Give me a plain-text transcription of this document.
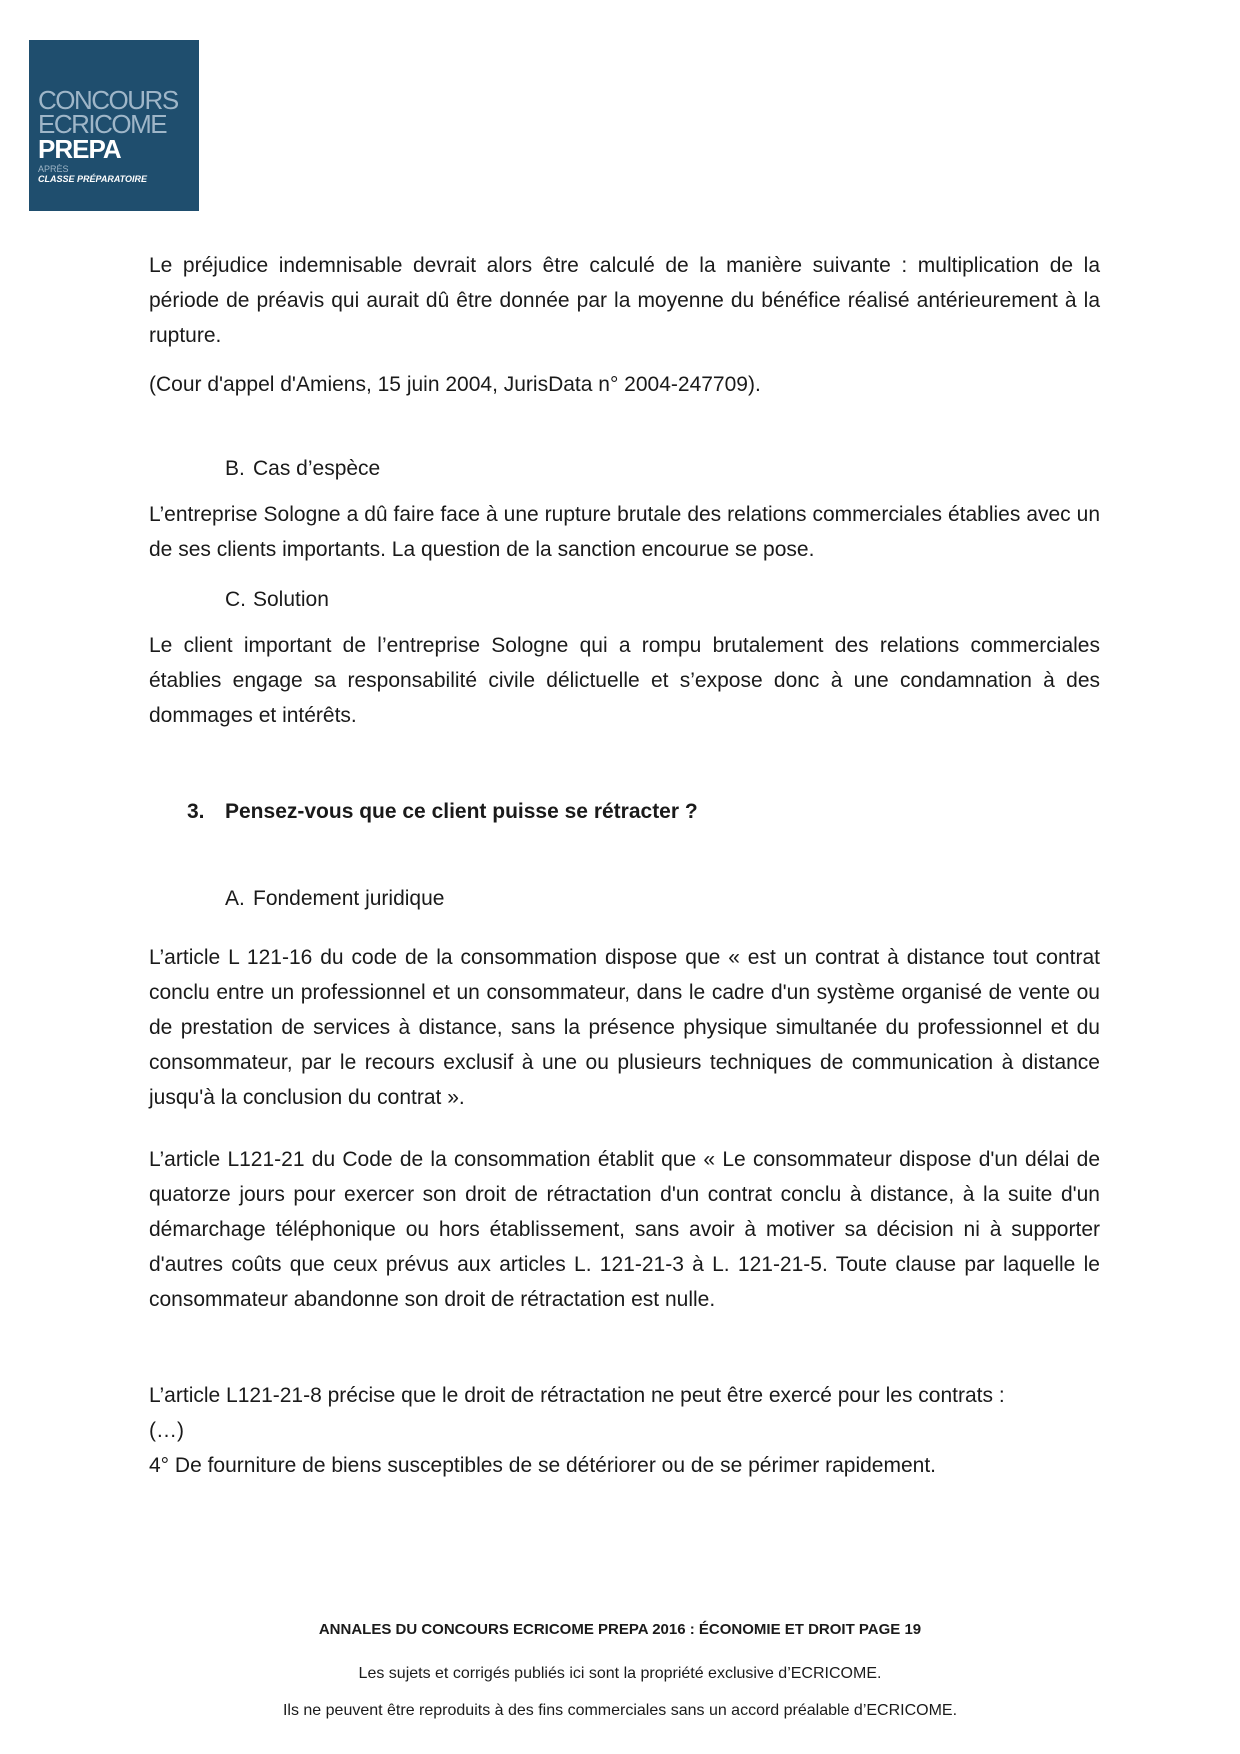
CONCOURS
ECRICOME
PREPA
APRÈS
CLASSE PRÉPARATOIRE

Le préjudice indemnisable devrait alors être calculé de la manière suivante : multiplication de la période de préavis qui aurait dû être donnée par la moyenne du bénéfice réalisé antérieurement à la rupture.

(Cour d'appel d'Amiens, 15 juin 2004, JurisData n° 2004-247709).

B. Cas d’espèce

L’entreprise Sologne a dû faire face à une rupture brutale des relations commerciales établies avec un de ses clients importants. La question de la sanction encourue se pose.

C. Solution

Le client important de l’entreprise Sologne qui a rompu brutalement des relations commerciales établies engage sa responsabilité civile délictuelle et s’expose donc à une condamnation à des dommages et intérêts.

3. Pensez-vous que ce client puisse se rétracter ?

A. Fondement juridique

L’article L 121-16 du code de la consommation dispose que « est un contrat à distance tout contrat conclu entre un professionnel et un consommateur, dans le cadre d'un système organisé de vente ou de prestation de services à distance, sans la présence physique simultanée du professionnel et du consommateur, par le recours exclusif à une ou plusieurs techniques de communication à distance jusqu'à la conclusion du contrat ».

L’article L121-21 du Code de la consommation établit que « Le consommateur dispose d'un délai de quatorze jours pour exercer son droit de rétractation d'un contrat conclu à distance, à la suite d'un démarchage téléphonique ou hors établissement, sans avoir à motiver sa décision ni à supporter d'autres coûts que ceux prévus aux articles L. 121-21-3 à L. 121-21-5. Toute clause par laquelle le consommateur abandonne son droit de rétractation est nulle.

L’article L121-21-8 précise que le droit de rétractation ne peut être exercé pour les contrats :

(…)

4° De fourniture de biens susceptibles de se détériorer ou de se périmer rapidement.

ANNALES DU CONCOURS ECRICOME PREPA 2016 : ÉCONOMIE ET DROIT PAGE 19
Les sujets et corrigés publiés ici sont la propriété exclusive d’ECRICOME.
Ils ne peuvent être reproduits à des fins commerciales sans un accord préalable d’ECRICOME.
